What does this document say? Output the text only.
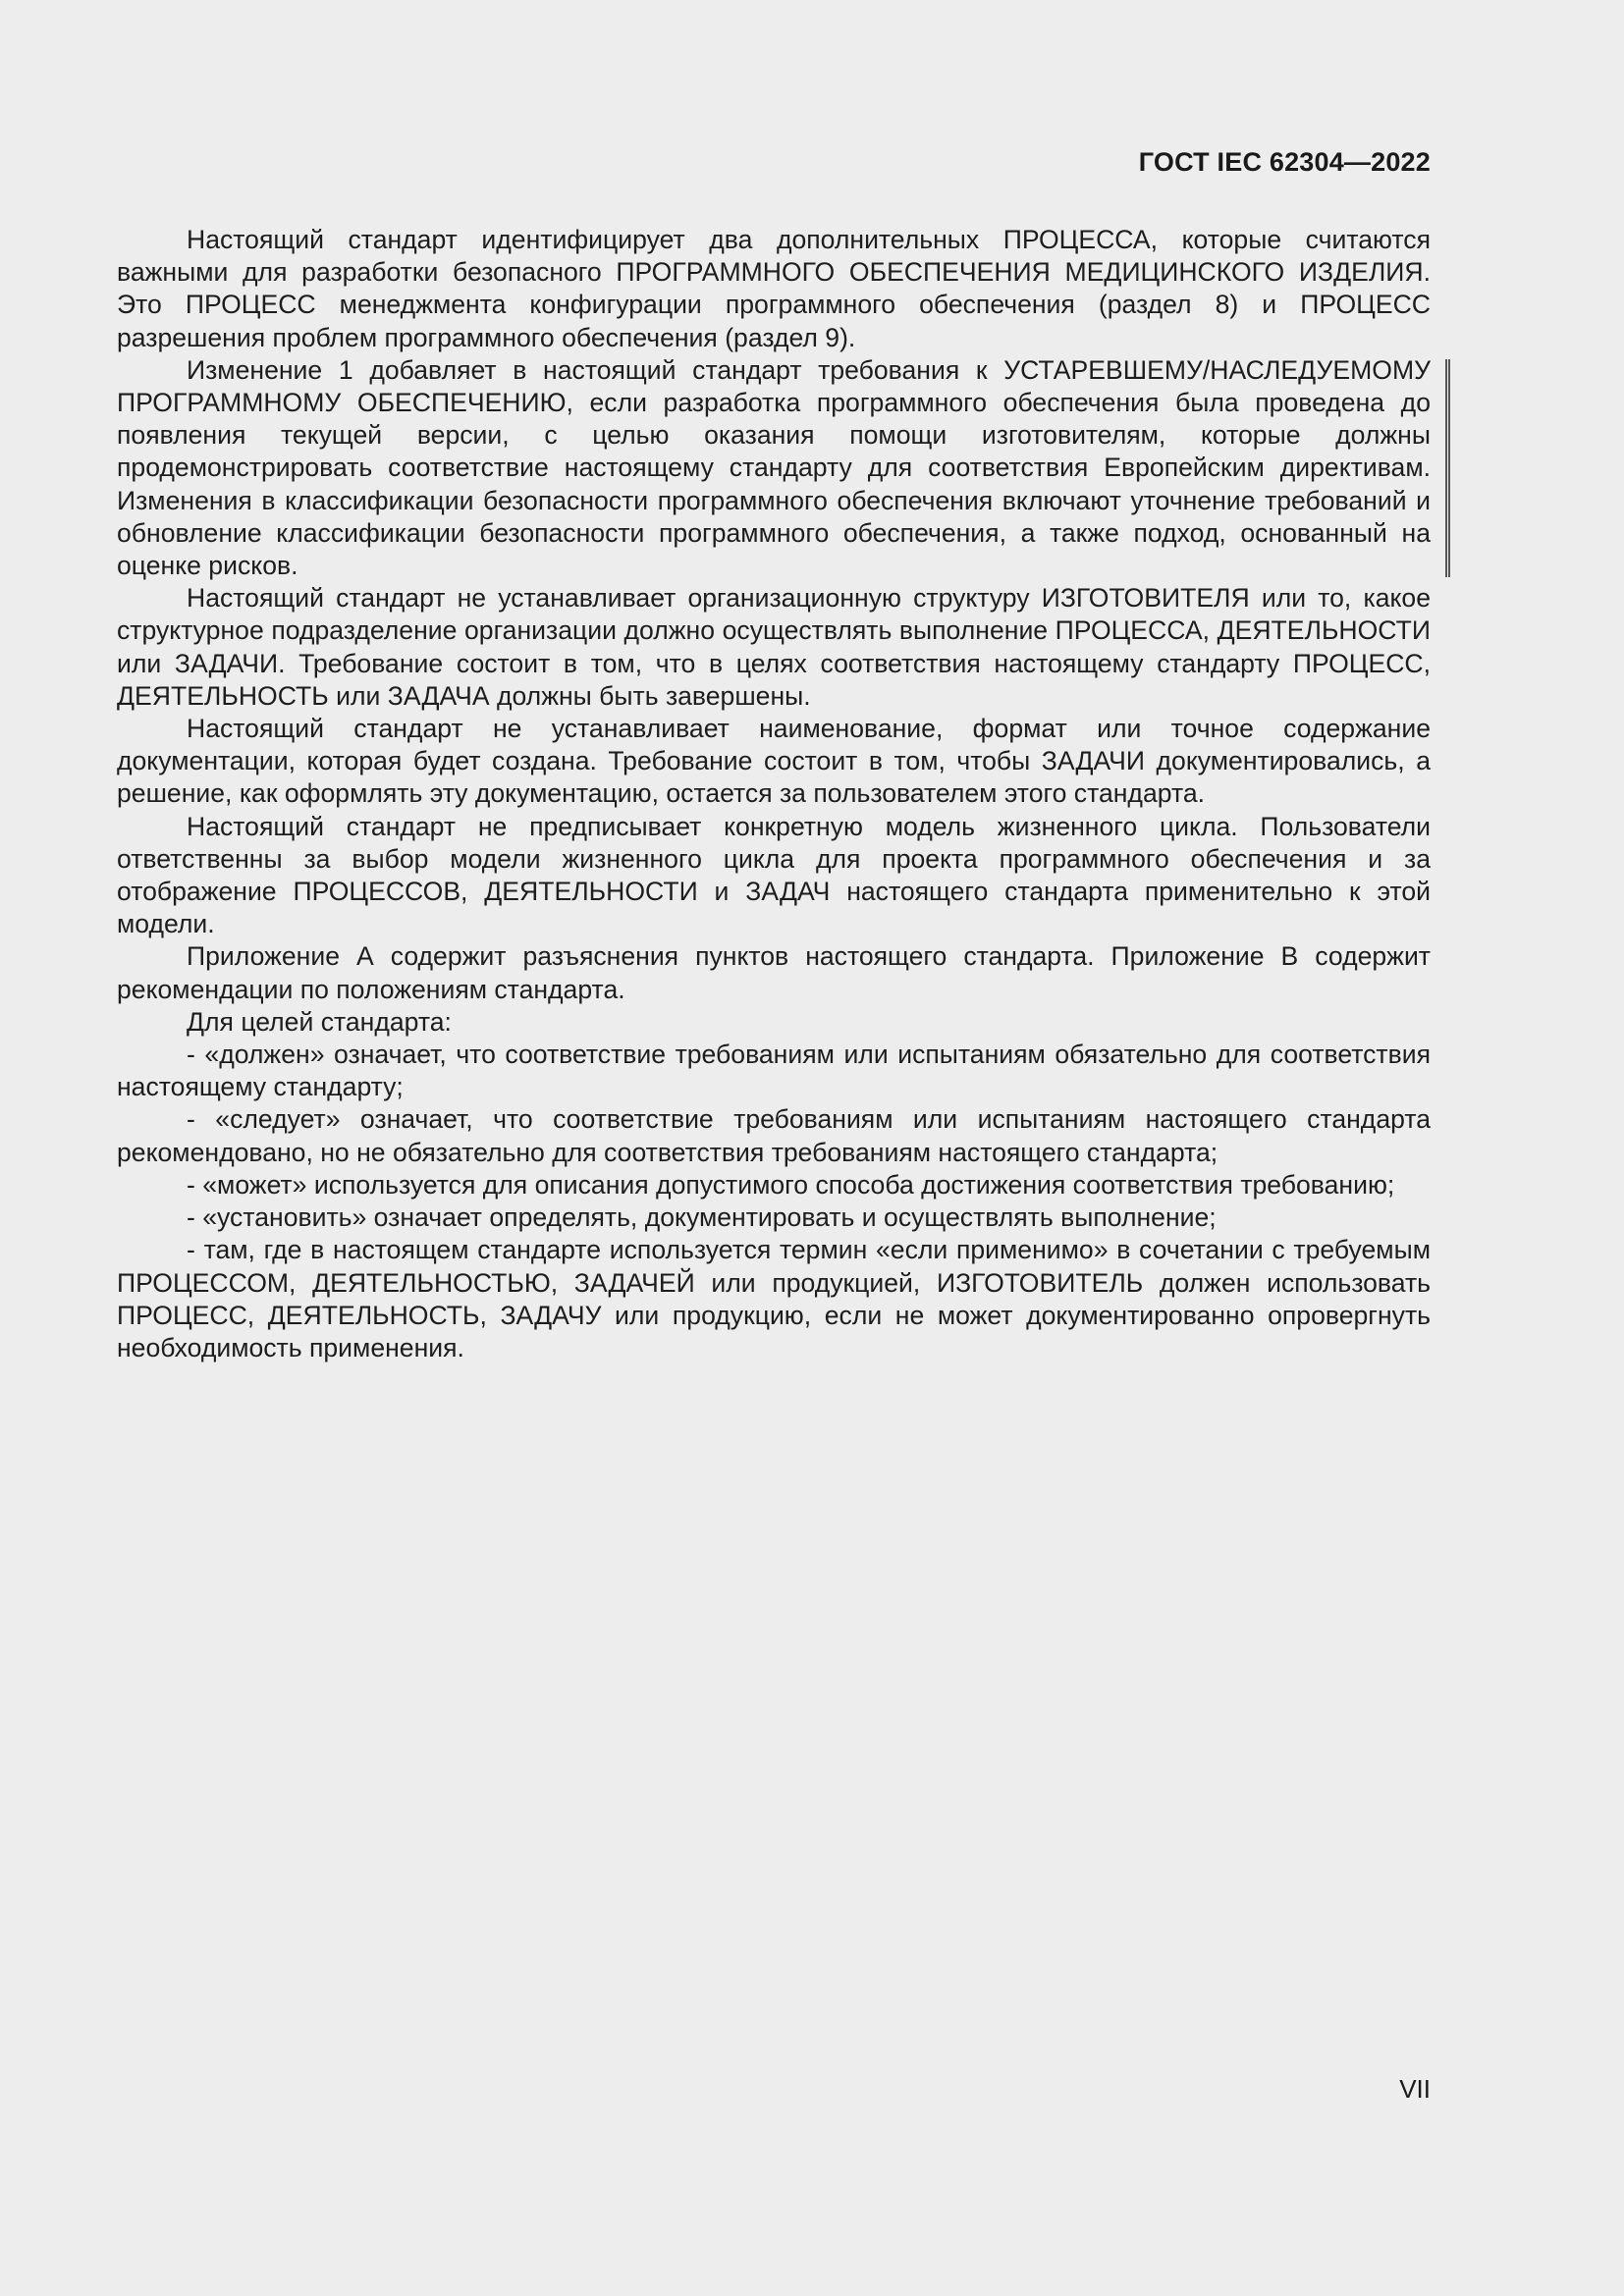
ГОСТ IEC 62304—2022

Настоящий стандарт идентифицирует два дополнительных ПРОЦЕССА, которые считаются важными для разработки безопасного ПРОГРАММНОГО ОБЕСПЕЧЕНИЯ МЕДИЦИНСКОГО ИЗДЕЛИЯ. Это ПРОЦЕСС менеджмента конфигурации программного обеспечения (раздел 8) и ПРОЦЕСС разрешения проблем программного обеспечения (раздел 9).

Изменение 1 добавляет в настоящий стандарт требования к УСТАРЕВШЕМУ/НАСЛЕДУЕМОМУ ПРОГРАММНОМУ ОБЕСПЕЧЕНИЮ, если разработка программного обеспечения была проведена до появления текущей версии, с целью оказания помощи изготовителям, которые должны продемонстрировать соответствие настоящему стандарту для соответствия Европейским директивам. Изменения в классификации безопасности программного обеспечения включают уточнение требований и обновление классификации безопасности программного обеспечения, а также подход, основанный на оценке рисков.

Настоящий стандарт не устанавливает организационную структуру ИЗГОТОВИТЕЛЯ или то, какое структурное подразделение организации должно осуществлять выполнение ПРОЦЕССА, ДЕЯТЕЛЬНОСТИ или ЗАДАЧИ. Требование состоит в том, что в целях соответствия настоящему стандарту ПРОЦЕСС, ДЕЯТЕЛЬНОСТЬ или ЗАДАЧА должны быть завершены.

Настоящий стандарт не устанавливает наименование, формат или точное содержание документации, которая будет создана. Требование состоит в том, чтобы ЗАДАЧИ документировались, а решение, как оформлять эту документацию, остается за пользователем этого стандарта.

Настоящий стандарт не предписывает конкретную модель жизненного цикла. Пользователи ответственны за выбор модели жизненного цикла для проекта программного обеспечения и за отображение ПРОЦЕССОВ, ДЕЯТЕЛЬНОСТИ и ЗАДАЧ настоящего стандарта применительно к этой модели.

Приложение А содержит разъяснения пунктов настоящего стандарта. Приложение В содержит рекомендации по положениям стандарта.

Для целей стандарта:

- «должен» означает, что соответствие требованиям или испытаниям обязательно для соответствия настоящему стандарту;

- «следует» означает, что соответствие требованиям или испытаниям настоящего стандарта рекомендовано, но не обязательно для соответствия требованиям настоящего стандарта;

- «может» используется для описания допустимого способа достижения соответствия требованию;

- «установить» означает определять, документировать и осуществлять выполнение;

- там, где в настоящем стандарте используется термин «если применимо» в сочетании с требуемым ПРОЦЕССОМ, ДЕЯТЕЛЬНОСТЬЮ, ЗАДАЧЕЙ или продукцией, ИЗГОТОВИТЕЛЬ должен использовать ПРОЦЕСС, ДЕЯТЕЛЬНОСТЬ, ЗАДАЧУ или продукцию, если не может документированно опровергнуть необходимость применения.

VII
